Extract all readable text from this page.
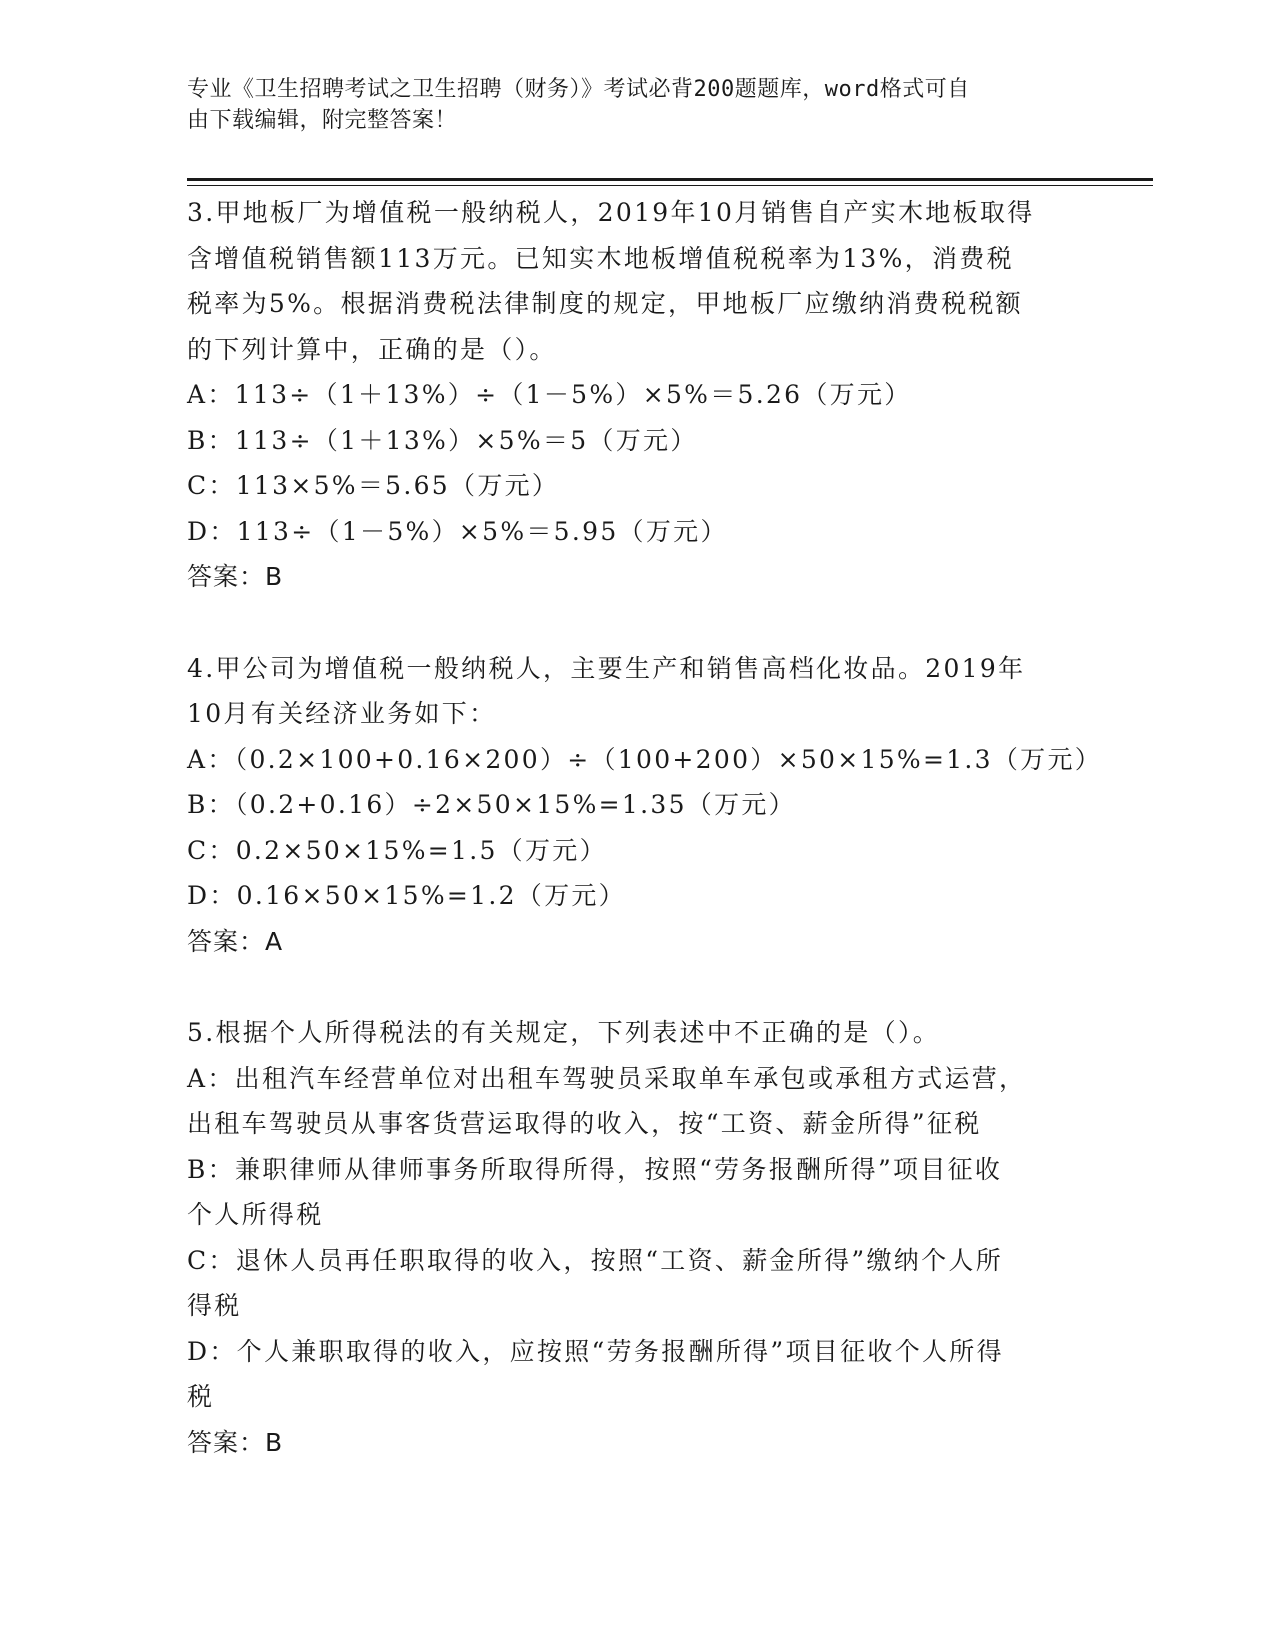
专业《卫生招聘考试之卫生招聘（财务）》考试必背200题题库，word格式可自
由下载编辑，附完整答案！
3.甲地板厂为增值税一般纳税人，2019年10月销售自产实木地板取得
含增值税销售额113万元。已知实木地板增值税税率为13%，消费税
税率为5%。根据消费税法律制度的规定，甲地板厂应缴纳消费税税额
的下列计算中，正确的是（）。
A：113÷（1＋13%）÷（1－5%）×5%＝5.26（万元）
B：113÷（1＋13%）×5%＝5（万元）
C：113×5%＝5.65（万元）
D：113÷（1－5%）×5%＝5.95（万元）
答案：B
4.甲公司为增值税一般纳税人，主要生产和销售高档化妆品。2019年
10月有关经济业务如下：
A：（0.2×100+0.16×200）÷（100+200）×50×15%=1.3（万元）
B：（0.2+0.16）÷2×50×15%=1.35（万元）
C：0.2×50×15%=1.5（万元）
D：0.16×50×15%=1.2（万元）
答案：A
5.根据个人所得税法的有关规定，下列表述中不正确的是（）。
A：出租汽车经营单位对出租车驾驶员采取单车承包或承租方式运营，
出租车驾驶员从事客货营运取得的收入，按“工资、薪金所得”征税
B：兼职律师从律师事务所取得所得，按照“劳务报酬所得”项目征收
个人所得税
C：退休人员再任职取得的收入，按照“工资、薪金所得”缴纳个人所
得税
D：个人兼职取得的收入，应按照“劳务报酬所得”项目征收个人所得
税
答案：B
